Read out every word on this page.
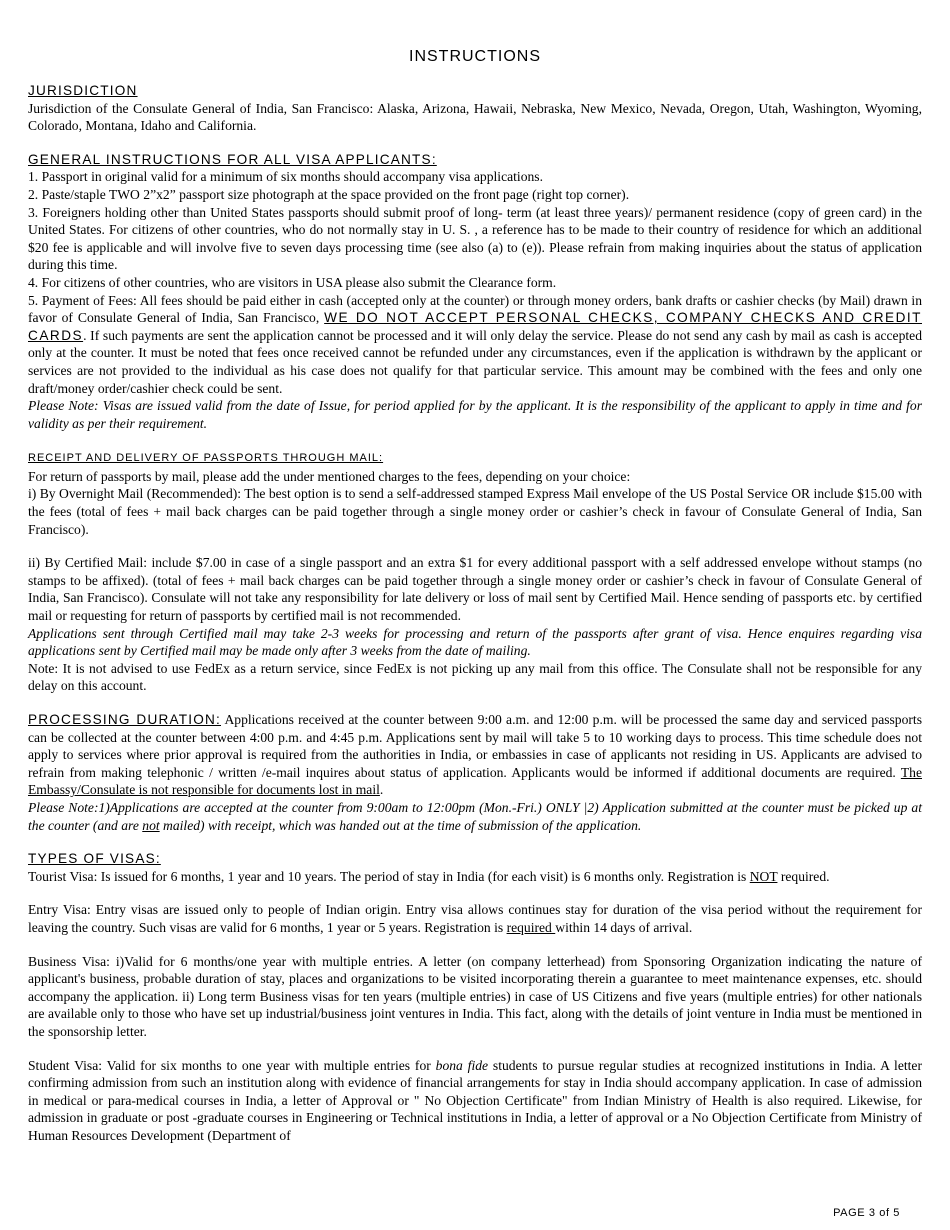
INSTRUCTIONS

JURISDICTION
Jurisdiction of the Consulate General of India, San Francisco: Alaska, Arizona, Hawaii, Nebraska, New Mexico, Nevada, Oregon, Utah, Washington, Wyoming, Colorado, Montana, Idaho and California.

GENERAL INSTRUCTIONS FOR ALL VISA APPLICANTS:
1. Passport in original valid for a minimum of six months should accompany visa applications.
2. Paste/staple TWO 2”x2” passport size photograph at the space provided on the front page (right top corner).
3. Foreigners holding other than United States passports should submit proof of long- term (at least three years)/ permanent residence (copy of green card) in the United States. For citizens of other countries, who do not normally stay in U. S. , a reference has to be made to their country of residence for which an additional $20 fee is applicable and will involve five to seven days processing time (see also (a) to (e)). Please refrain from making inquiries about the status of application during this time.
4. For citizens of other countries, who are visitors in USA please also submit the Clearance form.
5. Payment of Fees: All fees should be paid either in cash (accepted only at the counter) or through money orders, bank drafts or cashier checks (by Mail) drawn in favor of Consulate General of India, San Francisco, WE DO NOT ACCEPT PERSONAL CHECKS, COMPANY CHECKS AND CREDIT CARDS. If such payments are sent the application cannot be processed and it will only delay the service. Please do not send any cash by mail as cash is accepted only at the counter. It must be noted that fees once received cannot be refunded under any circumstances, even if the application is withdrawn by the applicant or services are not provided to the individual as his case does not qualify for that particular service. This amount may be combined with the fees and only one draft/money order/cashier check could be sent.
Please Note: Visas are issued valid from the date of Issue, for period applied for by the applicant. It is the responsibility of the applicant to apply in time and for validity as per their requirement.

RECEIPT AND DELIVERY OF PASSPORTS THROUGH MAIL:
For return of passports by mail, please add the under mentioned charges to the fees, depending on your choice:
i) By Overnight Mail (Recommended): The best option is to send a self-addressed stamped Express Mail envelope of the US Postal Service OR include $15.00 with the fees (total of fees + mail back charges can be paid together through a single money order or cashier’s check in favour of Consulate General of India, San Francisco).

ii) By Certified Mail: include $7.00 in case of a single passport and an extra $1 for every additional passport with a self addressed envelope without stamps (no stamps to be affixed). (total of fees + mail back charges can be paid together through a single money order or cashier’s check in favour of Consulate General of India, San Francisco). Consulate will not take any responsibility for late delivery or loss of mail sent by Certified Mail. Hence sending of passports etc. by certified mail or requesting for return of passports by certified mail is not recommended.
Applications sent through Certified mail may take 2-3 weeks for processing and return of the passports after grant of visa. Hence enquires regarding visa applications sent by Certified mail may be made only after 3 weeks from the date of mailing.
Note: It is not advised to use FedEx as a return service, since FedEx is not picking up any mail from this office. The Consulate shall not be responsible for any delay on this account.

PROCESSING DURATION: Applications received at the counter between 9:00 a.m. and 12:00 p.m. will be processed the same day and serviced passports can be collected at the counter between 4:00 p.m. and 4:45 p.m. Applications sent by mail will take 5 to 10 working days to process. This time schedule does not apply to services where prior approval is required from the authorities in India, or embassies in case of applicants not residing in US. Applicants are advised to refrain from making telephonic / written /e-mail inquires about status of application. Applicants would be informed if additional documents are required. The Embassy/Consulate is not responsible for documents lost in mail.
Please Note:1)Applications are accepted at the counter from 9:00am to 12:00pm (Mon.-Fri.) ONLY |2) Application submitted at the counter must be picked up at the counter (and are not mailed) with receipt, which was handed out at the time of submission of the application.

TYPES OF VISAS:
Tourist Visa: Is issued for 6 months, 1 year and 10 years. The period of stay in India (for each visit) is 6 months only. Registration is NOT required.

Entry Visa: Entry visas are issued only to people of Indian origin. Entry visa allows continues stay for duration of the visa period without the requirement for leaving the country. Such visas are valid for 6 months, 1 year or 5 years. Registration is required within 14 days of arrival.

Business Visa: i)Valid for 6 months/one year with multiple entries. A letter (on company letterhead) from Sponsoring Organization indicating the nature of applicant's business, probable duration of stay, places and organizations to be visited incorporating therein a guarantee to meet maintenance expenses, etc. should accompany the application. ii) Long term Business visas for ten years (multiple entries) in case of US Citizens and five years (multiple entries) for other nationals are available only to those who have set up industrial/business joint ventures in India. This fact, along with the details of joint venture in India must be mentioned in the sponsorship letter.

Student Visa: Valid for six months to one year with multiple entries for bona fide students to pursue regular studies at recognized institutions in India. A letter confirming admission from such an institution along with evidence of financial arrangements for stay in India should accompany application. In case of admission in medical or para-medical courses in India, a letter of Approval or " No Objection Certificate" from Indian Ministry of Health is also required. Likewise, for admission in graduate or post -graduate courses in Engineering or Technical institutions in India, a letter of approval or a No Objection Certificate from Ministry of Human Resources Development (Department of

PAGE 3 of 5
